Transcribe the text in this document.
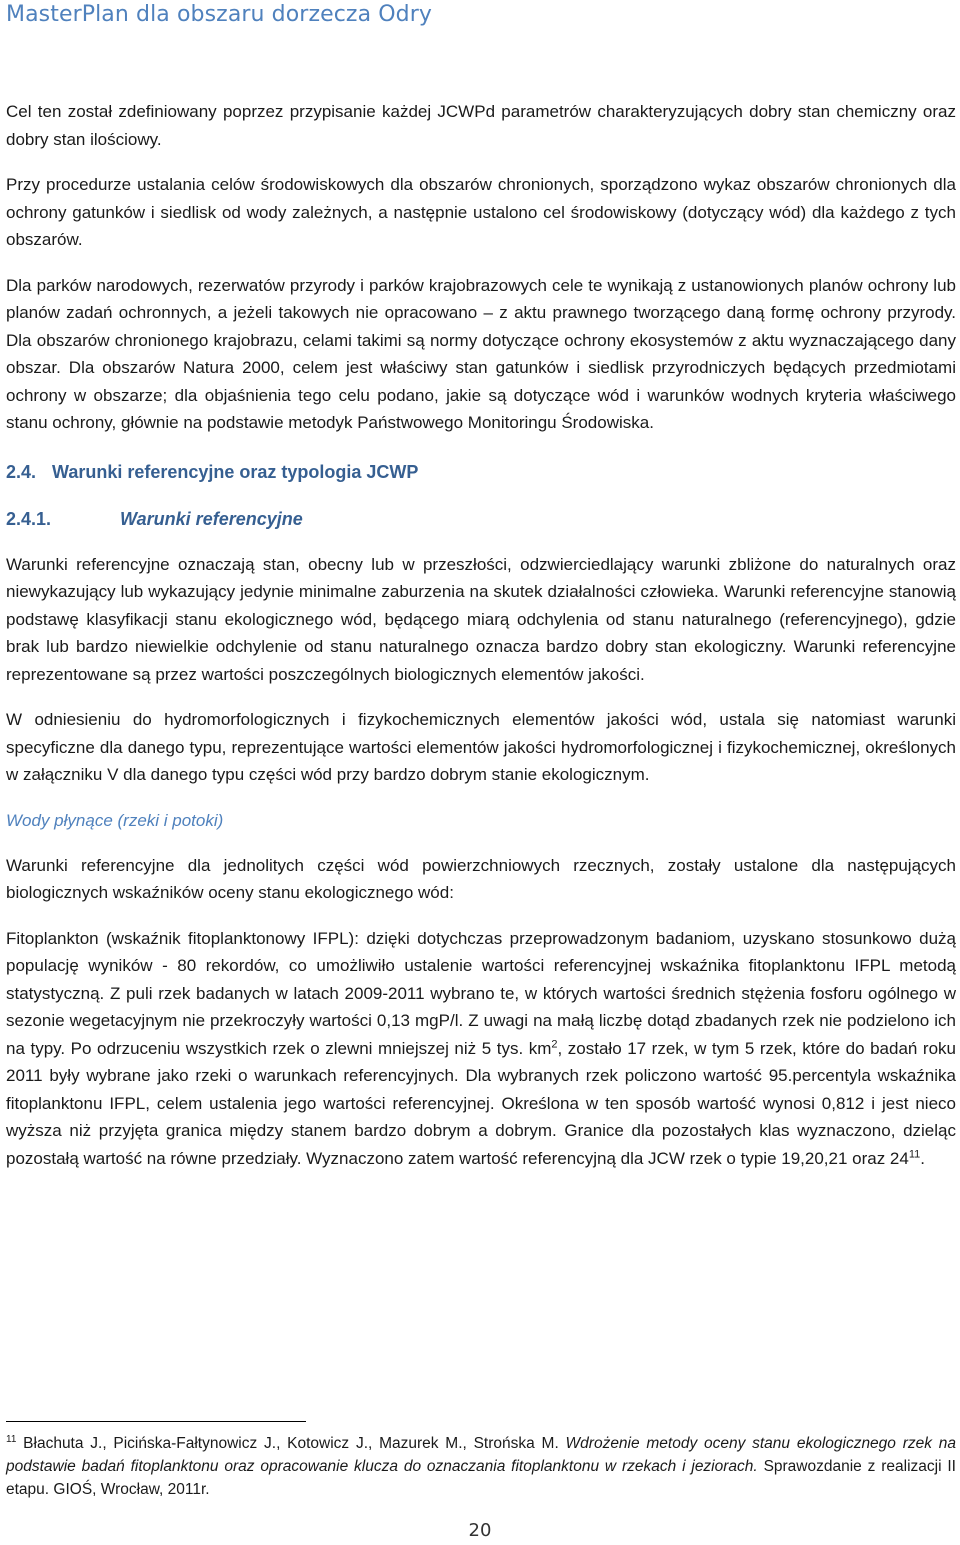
MasterPlan dla obszaru dorzecza Odry

Cel ten został zdefiniowany poprzez przypisanie każdej JCWPd parametrów charakteryzujących dobry stan chemiczny oraz dobry stan ilościowy.

Przy procedurze ustalania celów środowiskowych dla obszarów chronionych, sporządzono wykaz obszarów chronionych dla ochrony gatunków i siedlisk od wody zależnych, a następnie ustalono cel środowiskowy (dotyczący wód) dla każdego z tych obszarów.

Dla parków narodowych, rezerwatów przyrody i parków krajobrazowych cele te wynikają z ustanowionych planów ochrony lub planów zadań ochronnych, a jeżeli takowych nie opracowano – z aktu prawnego tworzącego daną formę ochrony przyrody. Dla obszarów chronionego krajobrazu, celami takimi są normy dotyczące ochrony ekosystemów z aktu wyznaczającego dany obszar. Dla obszarów Natura 2000, celem jest właściwy stan gatunków i siedlisk przyrodniczych będących przedmiotami ochrony w obszarze; dla objaśnienia tego celu podano, jakie są dotyczące wód i warunków wodnych kryteria właściwego stanu ochrony, głównie na podstawie metodyk Państwowego Monitoringu Środowiska.

2.4. Warunki referencyjne oraz typologia JCWP
2.4.1.	Warunki referencyjne

Warunki referencyjne oznaczają stan, obecny lub w przeszłości, odzwierciedlający warunki zbliżone do naturalnych oraz niewykazujący lub wykazujący jedynie minimalne zaburzenia na skutek działalności człowieka. Warunki referencyjne stanowią podstawę klasyfikacji stanu ekologicznego wód, będącego miarą odchylenia od stanu naturalnego (referencyjnego), gdzie brak lub bardzo niewielkie odchylenie od stanu naturalnego oznacza bardzo dobry stan ekologiczny. Warunki referencyjne reprezentowane są przez wartości poszczególnych biologicznych elementów jakości.

W odniesieniu do hydromorfologicznych i fizykochemicznych elementów jakości wód, ustala się natomiast warunki specyficzne dla danego typu, reprezentujące wartości elementów jakości hydromorfologicznej i fizykochemicznej, określonych w załączniku V dla danego typu części wód przy bardzo dobrym stanie ekologicznym.

Wody płynące (rzeki i potoki)

Warunki referencyjne dla jednolitych części wód powierzchniowych rzecznych, zostały ustalone dla następujących biologicznych wskaźników oceny stanu ekologicznego wód:

Fitoplankton (wskaźnik fitoplanktonowy IFPL): dzięki dotychczas przeprowadzonym badaniom, uzyskano stosunkowo dużą populację wyników - 80 rekordów, co umożliwiło ustalenie wartości referencyjnej wskaźnika fitoplanktonu IFPL metodą statystyczną. Z puli rzek badanych w latach 2009-2011 wybrano te, w których wartości średnich stężenia fosforu ogólnego w sezonie wegetacyjnym nie przekroczyły wartości 0,13 mgP/l. Z uwagi na małą liczbę dotąd zbadanych rzek nie podzielono ich na typy. Po odrzuceniu wszystkich rzek o zlewni mniejszej niż 5 tys. $km^2$, zostało 17 rzek, w tym 5 rzek, które do badań roku 2011 były wybrane jako rzeki o warunkach referencyjnych. Dla wybranych rzek policzono wartość 95.percentyla wskaźnika fitoplanktonu IFPL, celem ustalenia jego wartości referencyjnej. Określona w ten sposób wartość wynosi 0,812 i jest nieco wyższa niż przyjęta granica między stanem bardzo dobrym a dobrym. Granice dla pozostałych klas wyznaczono, dzieląc pozostałą wartość na równe przedziały. Wyznaczono zatem wartość referencyjną dla JCW rzek o typie 19,20,21 oraz $24^{11}$.

$^{11}$ Błachuta J., Picińska-Fałtynowicz J., Kotowicz J., Mazurek M., Strońska M. Wdrożenie metody oceny stanu ekologicznego rzek na podstawie badań fitoplanktonu oraz opracowanie klucza do oznaczania fitoplanktonu w rzekach i jeziorach. Sprawozdanie z realizacji II etapu. GIOŚ, Wrocław, 2011r.
20
